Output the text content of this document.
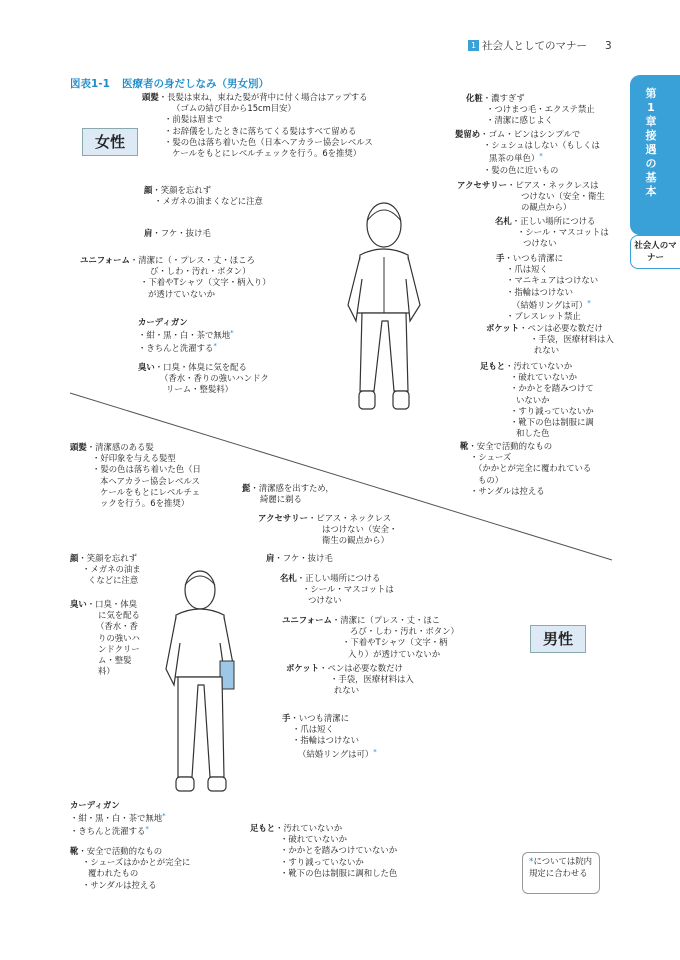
1 社会人としてのマナー 3
第1章 接遇の基本
社会人のマナー
図表1-1 医療者の身だしなみ（男女別）
女性
男性
頭髪・長髪は束ね，束ねた髪が背中に付く場合はアップする
（ゴムの結び目から15cm目安）
・前髪は眉まで
・お辞儀をしたときに落ちてくる髪はすべて留める
・髪の色は落ち着いた色（日本ヘアカラー協会レベルス
ケールをもとにレベルチェックを行う。6を推奨）
顔・笑顔を忘れず
・メガネの油まくなどに注意
肩・フケ・抜け毛
ユニフォーム・清潔に（・プレス・丈・ほころ
び・しわ・汚れ・ボタン）
・下着やTシャツ（文字・柄入り）
が透けていないか
カーディガン
・紺・黒・白・茶で無地*
・きちんと洗濯する*
臭い・口臭・体臭に気を配る
（香水・香りの強いハンドク
リーム・整髪料）
化粧・濃すぎず
・つけまつ毛・エクステ禁止
・清潔に感じよく
髪留め・ゴム・ピンはシンプルで
・シュシュはしない（もしくは
黒茶の単色）*
・髪の色に近いもの
アクセサリー・ピアス・ネックレスは
つけない（安全・衛生
の観点から）
名札・正しい場所につける
・シール・マスコットは
つけない
手・いつも清潔に
・爪は短く
・マニキュアはつけない
・指輪はつけない
（結婚リングは可）*
・ブレスレット禁止
ポケット・ペンは必要な数だけ
・手袋，医療材料は入
れない
足もと・汚れていないか
・破れていないか
・かかとを踏みつけて
いないか
・すり減っていないか
・靴下の色は制服に調
和した色
靴・安全で活動的なもの
・シューズ
（かかとが完全に覆われている
もの）
・サンダルは控える
頭髪・清潔感のある髪
・好印象を与える髪型
・髪の色は落ち着いた色（日
本ヘアカラー協会レベルス
ケールをもとにレベルチェ
ックを行う。6を推奨）
髭・清潔感を出すため，
綺麗に剃る
アクセサリー・ピアス・ネックレス
はつけない（安全・
衛生の観点から）
顔・笑顔を忘れず
・メガネの油ま
くなどに注意
臭い・口臭・体臭
に気を配る
（香水・香
りの強いハ
ンドクリー
ム・整髪
料）
肩・フケ・抜け毛
名札・正しい場所につける
・シール・マスコットは
つけない
ユニフォーム・清潔に（プレス・丈・ほこ
ろび・しわ・汚れ・ボタン）
・下着やTシャツ（文字・柄
入り）が透けていないか
ポケット・ペンは必要な数だけ
・手袋，医療材料は入
れない
手・いつも清潔に
・爪は短く
・指輪はつけない
（結婚リングは可）*
カーディガン
・紺・黒・白・茶で無地*
・きちんと洗濯する*
靴・安全で活動的なもの
・シューズはかかとが完全に
覆われたもの
・サンダルは控える
足もと・汚れていないか
・破れていないか
・かかとを踏みつけていないか
・すり減っていないか
・靴下の色は制服に調和した色
*については院内規定に合わせる
